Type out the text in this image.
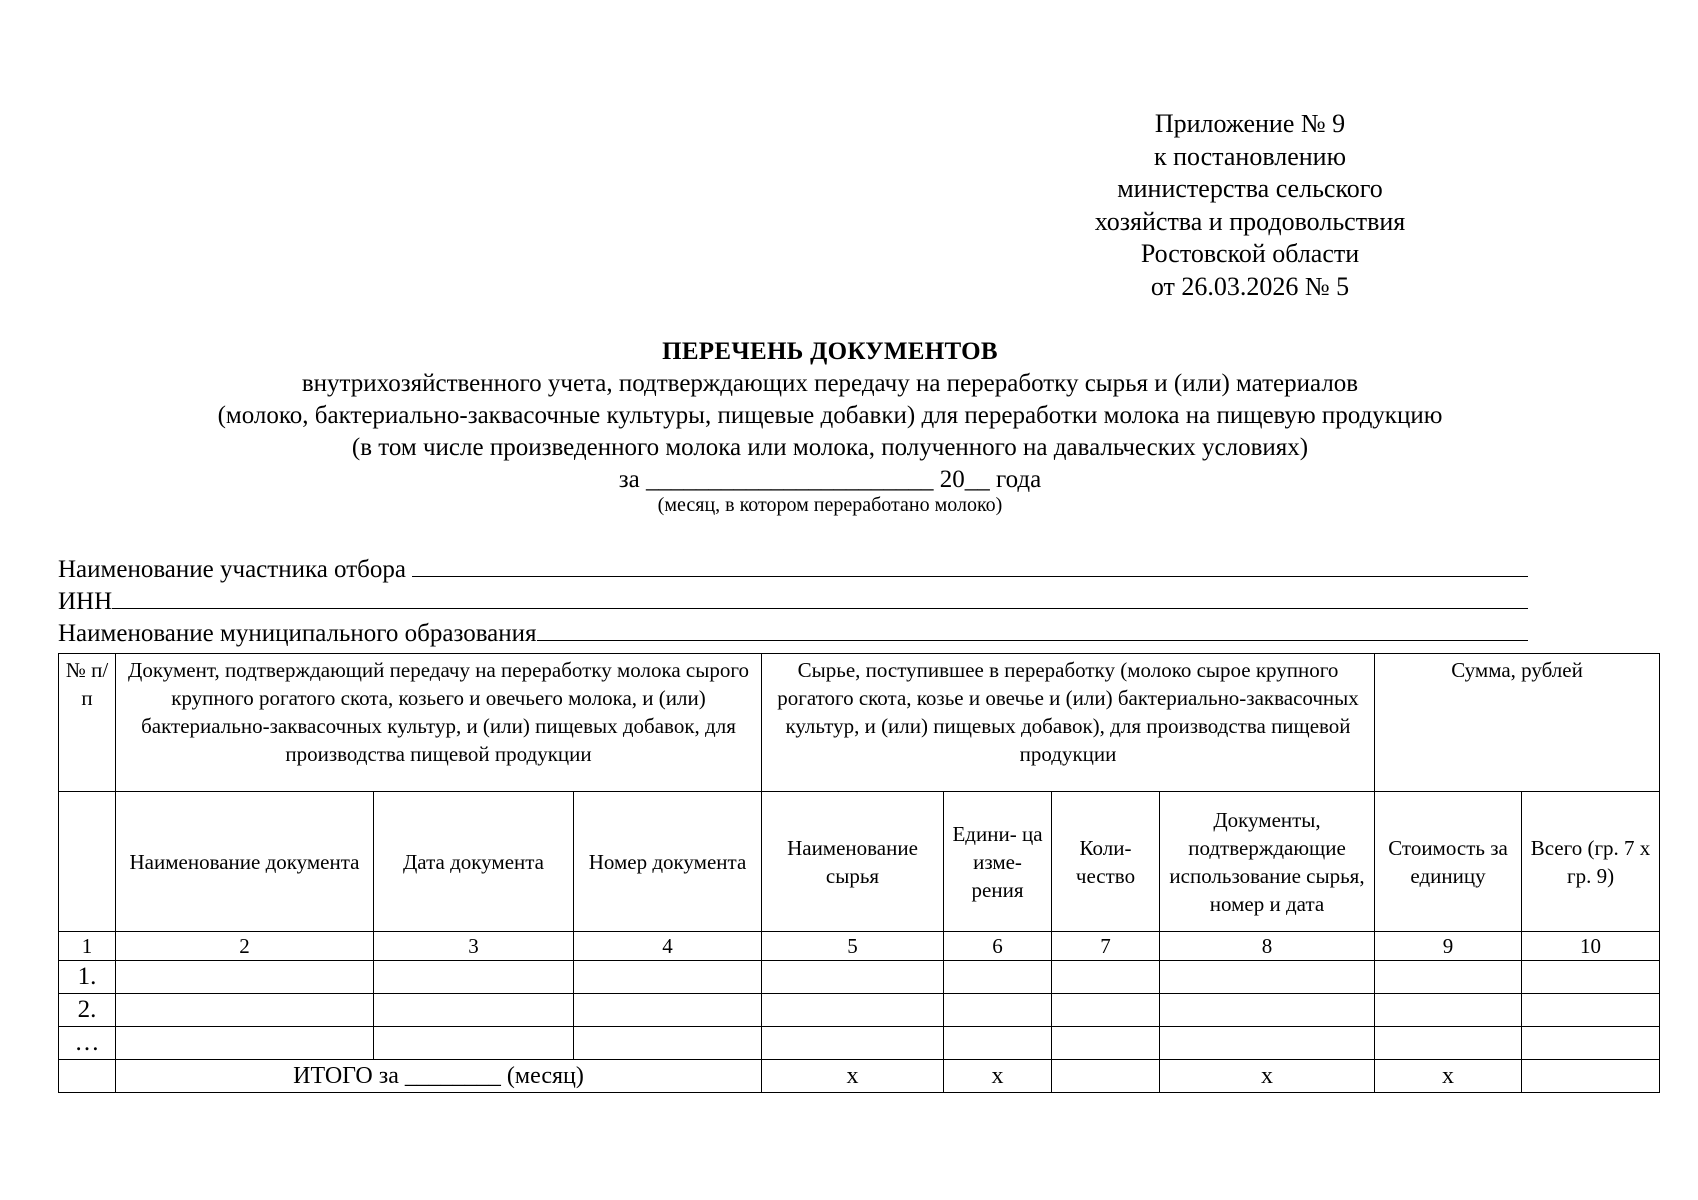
Приложение № 9
к постановлению
министерства сельского
хозяйства и продовольствия
Ростовской области
от 26.03.2026 № 5
ПЕРЕЧЕНЬ ДОКУМЕНТОВ
внутрихозяйственного учета, подтверждающих передачу на переработку сырья и (или) материалов
(молоко, бактериально-заквасочные культуры, пищевые добавки) для переработки молока на пищевую продукцию
(в том числе произведенного молока или молока, полученного на давальческих условиях)
за _______________________ 20__ года
(месяц, в котором переработано молоко)
Наименование участника отбора
ИНН
Наименование муниципального образования
№ п/п	Документ, подтверждающий передачу на переработку молока сырого крупного рогатого скота, козьего и овечьего молока, и (или) бактериально-заквасочных культур, и (или) пищевых добавок, для производства пищевой продукции			Сырье, поступившее в переработку (молоко сырое крупного рогатого скота, козье и овечье и (или) бактериально-заквасочных культур, и (или) пищевых добавок), для производства пищевой продукции				Сумма, рублей	
	Наименование документа	Дата документа	Номер документа	Наименование сырья	Едини- ца изме- рения	Коли- чество	Документы, подтверждающие использование сырья, номер и дата	Стоимость за единицу	Всего (гр. 7 x гр. 9)
1	2	3	4	5	6	7	8	9	10
1.									
2.									
…									
	ИТОГО за ________ (месяц)			х	х		х	х	
